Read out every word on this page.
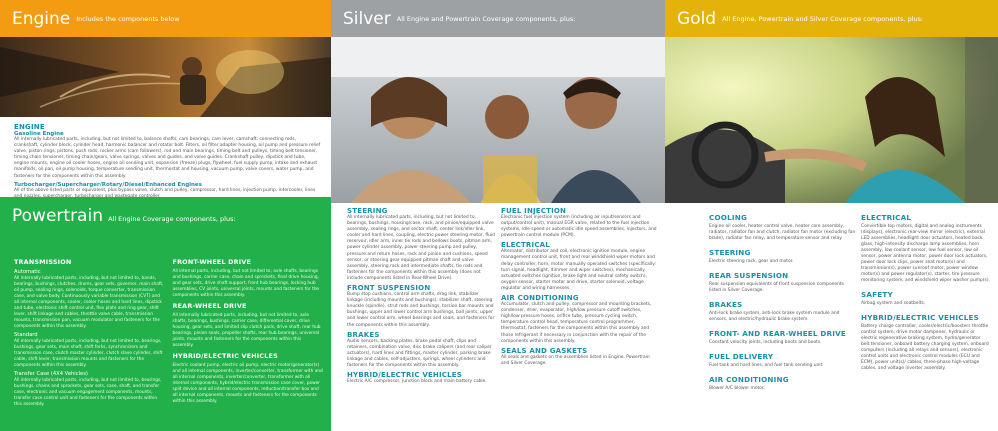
Engine Includes the components below
ENGINE
Gasoline Engine
All internally lubricated parts, including, but not limited to, balance shafts, cam bearings, cam lever, camshaft, connecting rods, crankshaft, cylinder block, cylinder head, harmonic balancer and rotator bolt. Filters, oil filter adapter housing, oil pump and pressure relief valve, piston rings, pistons, push rods, rocker arms (cam followers), rod and main bearings, timing belt and pulleys, timing belt tensioner, timing chain tensioner, timing chain/gears, valve springs, valves and guides, and valve guides. Crankshaft pulley, dipstick and tube, engine mounts, engine oil cooler hoses, engine oil sending unit, expansion (freeze) plugs, flywheel, fuel supply pump, intake and exhaust manifolds, oil pan, oil pump housing, temperature sending unit, thermostat and housing, vacuum pump, valve covers, water pump, and fasteners for the components within this assembly.
Turbocharger/Supercharger/Rotary/Diesel/Enhanced Engines
All of the above listed parts or equivalent, plus bypass valve, clutch and pulley, compressor, hard lines, injection pump, intercooler, lines
Powertrain All Engine Coverage components, plus:
TRANSMISSION
Automatic
All internally lubricated parts, including, but not limited to, bands, bearings, bushings, clutches, drums, gear sets, governor, main shaft, oil pump, sealing rings, solenoids, torque converter, transmission case, and valve body. Continuously variable transmission (CVT) and all internal components, cooler, cooler hoses and hard lines, dipstick and tube, electronic shift control unit, flex plate and ring gear, shift lever, shift linkage and cables, throttle valve cable, transmission mounts, transmission pan, vacuum modulator and fasteners for the components within this assembly.
Standard
All internally lubricated parts, including, but not limited to, bearings, bushings, gear sets, main shaft, shift forks, synchronizers and transmission case, clutch master cylinder, clutch slave cylinder, shift cable, shift lever, transmission mounts and fasteners for the components within this assembly.
Transfer Case (4X4 Vehicles)
All internally lubricated parts, including, but not limited to, bearings, bushings, chains and sprockets, gear sets, case, shaft, and transfer case, electronic and vacuum engagement components, mounts, transfer case control unit and fasteners for the components within this assembly.
FRONT-WHEEL DRIVE
All internal parts, including, but not limited to, axle shafts, bearings and bushings, carrier case, chain and sprockets, final drive housing, and gear sets, drive shaft support, front hub bearings, locking hub assemblies, CV joints, universal joints, mounts and fasteners for the components within this assembly.
REAR-WHEEL DRIVE
All internally lubricated parts, including, but not limited to, axle shafts, bearings, bushings, carrier case, differential cover, drive housing, gear sets, and limited slip clutch pack, drive shaft, rear hub bearings, pinion seals, propeller shafts, rear hub bearings, universal joints, mounts and fasteners for the components within this assembly.
HYBRID/ELECTRIC VEHICLES
Electric coolant pump, electric oil pump, electric motor/generator(s) and all internal components, inverter/converter, transformer with and all internal components, inverter/converter, transformer with all internal components, hybrid/electric transmission case cover, power split device and all internal components, reduction/transfer box and all internal components, mounts and fasteners for the components within this assembly.
Silver All Engine and Powertrain Coverage components, plus:
STEERING
All internally lubricated parts, including, but not limited to, bearings, bushings, housing/case, rack, and pinion/equipped valve assembly, sealing rings, and sector shaft, center link/idler link, cooler and hard lines, coupling, electric power steering motor, fluid reservoir, idler arm, inner tie rods and bellows boots, pitman arm, power cylinder assembly, power steering pump and pulley, pressure and return hoses, rack and pinion and cushions, speed sensor, or steering gear equipped pitman shaft and valve assembly, steering rack and intermediate shafts, tie rods and fasteners for the components within this assembly (does not include components listed in Rear-Wheel Drive).
FRONT SUSPENSION
Bump stop cushions, control arm shafts, drag link, stabilizer linkage (including mounts and bushings), stabilizer shaft, steering knuckle (spindle), strut rods and bushings, torsion bar mounts and bushings, upper and lower control arm bushings, ball joints, upper and lower control arm, wheel bearings and seals, and fasteners for the components within this assembly.
BRAKES
Audio sensors, backing plates, brake pedal shaft, clips and retainers, combination valve, disc brake calipers (and rear caliper actuators), hard lines and fittings, master cylinder, parking brake linkage and cables, self-adjusters, springs, wheel cylinders and fasteners for the components within this assembly.
HYBRID/ELECTRIC VEHICLES
Electric A/C compressor, junction block and main battery cable.
FUEL INJECTION
Electronic fuel injection system (including air input/sensors and output/control unit), manual EGR valve, related to the fuel injection systems, idle speed or automatic idle speed assemblies, injectors, and powertrain control module (PCM).
ELECTRICAL
Alternator, distributor and coil, electronic ignition module, engine management control unit, front and rear windshield wiper motors and delay controller, horn, motor manually operated switches (specifically: turn signal, headlight, dimmer and wiper switches), mechanically actuated switches (ignition, brake light and neutral safety switch), oxygen sensor, starter motor and drive, starter solenoid, voltage regulator and wiring harnesses.
AIR CONDITIONING
Accumulator, clutch and pulley, compressor and mounting brackets, condenser, drier, evaporator, high/low pressure cutoff switches, high/low pressure hoses, orifice tube, pressure cycling switch, temperature control head, temperature control programmer, thermostat, fasteners for the components within this assembly and those refrigerant if necessary in conjunction with the repair of the components within this assembly.
SEALS AND GASKETS
All seals and gaskets on the assemblies listed in Engine, Powertrain and Silver Coverage.
Gold All Engine, Powertrain and Silver Coverage components, plus:
COOLING
Engine oil cooler, heater control valve, heater core assembly, radiator, radiator fan and clutch, radiator fan motor (excluding fan blade), radiator fan relay, and temperature sensor and relay.
STEERING
Electric steering rack, gear and motor.
REAR SUSPENSION
Rear suspension equivalents of front suspension components listed in Silver Coverage.
BRAKES
Anti-lock brake system, anti-lock brake system module and sensors, and electric/hydraulic brake system.
FRONT- AND REAR-WHEEL DRIVE
Constant velocity joints, including boots and boots.
FUEL DELIVERY
Fuel tank and hard lines, and fuel tank sending unit.
AIR CONDITIONING
Blower A/C blower motor.
ELECTRICAL
Convertible top motors, digital and analog instruments (displays), electronic rear-view mirror (electric), external LED assemblies, headlight door actuators, heated back glass, high-intensity discharge lamp assemblies, horn assembly, low coolant sensor, low fuel sensor, low oil sensor, power antenna motor, power door lock actuators, power door lock clips, power seat motor(s) and transmission(s), power sunroof motor, power window motor(s) and power regulator(s), starter, tire pressure monitoring system, and windshield wiper washer pump(s).
SAFETY
Airbag system and seatbelts.
HYBRID/ELECTRIC VEHICLES
Battery charge controller, cooler/electric/boosters throttle control system, drive motor dampener, hydraulic or electric regenerative braking system, hydro/generator belt tensioner, onboard battery charging system, onboard computers (including all relays and sensors), electronic control units and electronic control modules (ECU and ECM), power unit(s)/ cables, three-phase high-voltage cables, and voltage inverter assembly.
